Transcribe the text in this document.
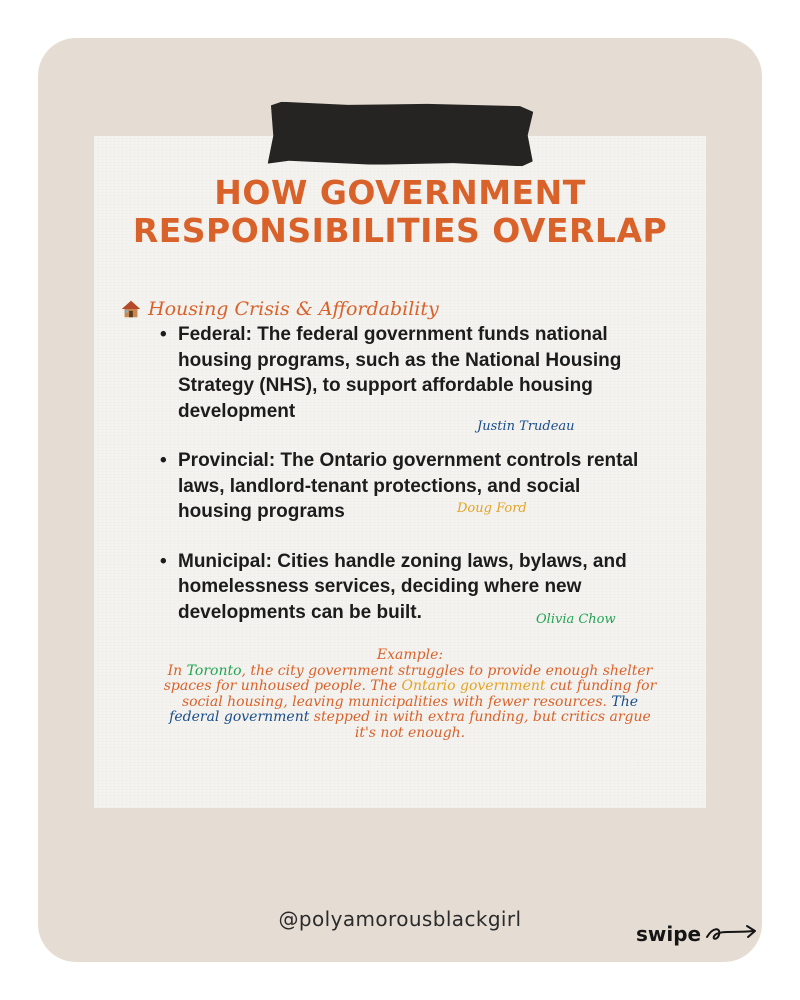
HOW GOVERNMENT RESPONSIBILITIES OVERLAP
Housing Crisis & Affordability
• Federal: The federal government funds national housing programs, such as the National Housing Strategy (NHS), to support affordable housing development
• Provincial: The Ontario government controls rental laws, landlord-tenant protections, and social housing programs
• Municipal: Cities handle zoning laws, bylaws, and homelessness services, deciding where new developments can be built.
Justin Trudeau
Doug Ford
Olivia Chow
Example:
In Toronto, the city government struggles to provide enough shelter spaces for unhoused people. The Ontario government cut funding for social housing, leaving municipalities with fewer resources. The federal government stepped in with extra funding, but critics argue it's not enough.
@polyamorousblackgirl
swipe
